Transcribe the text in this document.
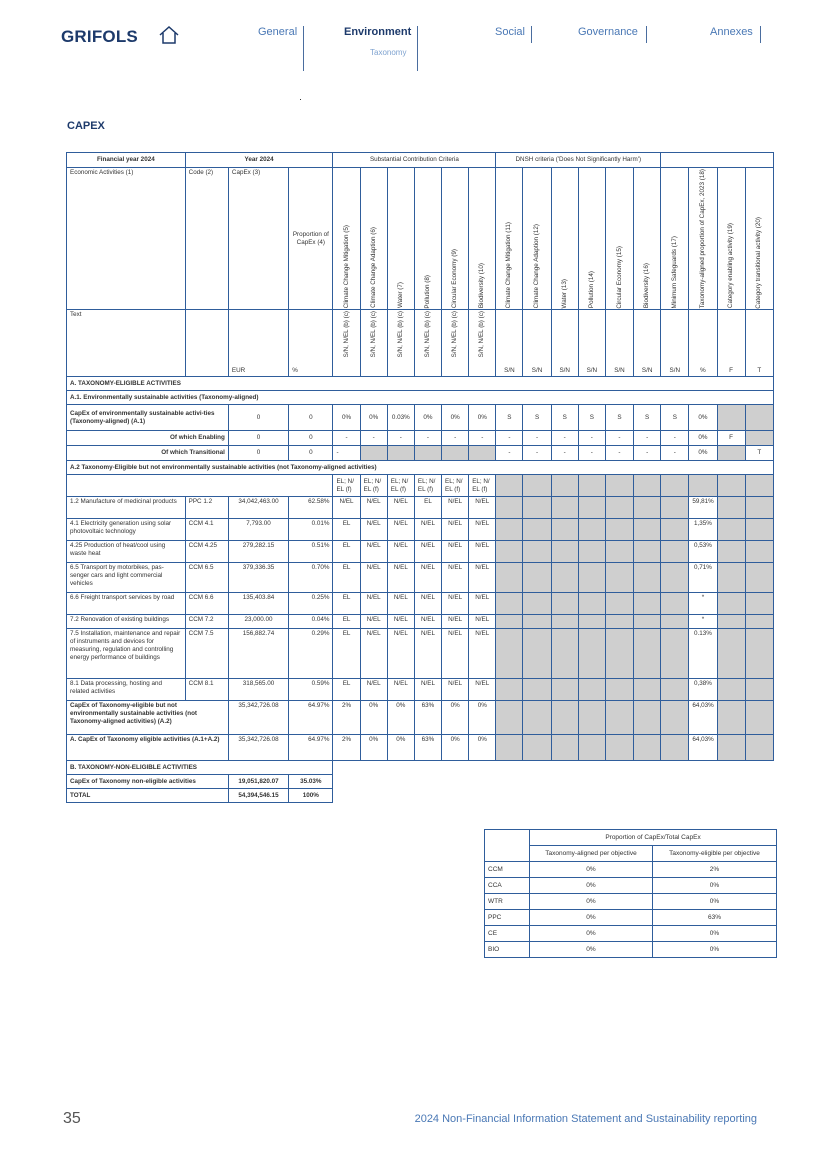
GRIFOLS	General	Environment
Taxonomy
Social	Governance	Annexes
CAPEX
Financial year 2024	Year 2024			Substantial Contribution Criteria						DNSH criteria ('Does Not Significantly Harm')									
Economic Activities (1)	Code (2)	CapEx (3)	Proportion of CapEx (4)	Climate Change Mitigation (5)	Climate Change Adaption (6)	Water (7)	Pollution (8)	Circular Economy (9)	Biodiversity (10)	Climate Change Mitigation (11)	Climate Change Adaption (12)	Water (13)	Pollution (14)	Circular Economy (15)	Biodiversity (16)	Minimum Safeguards (17)	Taxonomy-aligned proportion of CapEx, 2023 (18)	Category enabling activity (19)	Category transitional activity (20)

Text		EUR	%	S/N, N/EL (b) (c)	S/N, N/EL (b) (c)	S/N, N/EL (b) (c)	S/N, N/EL (b) (c)	S/N, N/EL (b) (c)	S/N, N/EL (b) (c)	S/N	S/N	S/N	S/N	S/N	S/N	S/N	%	F	T
A. TAXONOMY-ELIGIBLE ACTIVITIES																			
A.1. Environmentally sustainable activities (Taxonomy-aligned)																			
CapEx of environmentally sustainable activi-ties (Taxonomy-aligned) (A.1)		0	0	0%	0%	0.03%	0%	0%	0%	S	S	S	S	S	S	S	0%		
Of which Enabling		0	0	-	-	-	-	-	-	-	-	-	-	-	-	-	0%	F	
Of which Transitional		0	0	-						-	-	-	-	-	-	-	0%		T
A.2 Taxonomy-Eligible but not environmentally sustainable activities (not Taxonomy-aligned activities)																			
				EL; N/ EL (f)	EL; N/ EL (f)	EL; N/ EL (f)	EL; N/ EL (f)	EL; N/ EL (f)	EL; N/ EL (f)										
1.2 Manufacture of medicinal products	PPC 1.2	34,042,463.00	62.58%	N/EL	N/EL	N/EL	EL	N/EL	N/EL								59,81%		
4.1 Electricity generation using solar photovoltaic technology	CCM 4.1	7,793.00	0.01%	EL	N/EL	N/EL	N/EL	N/EL	N/EL								1,35%		
4.25 Production of heat/cool using waste heat	CCM 4.25	279,282.15	0.51%	EL	N/EL	N/EL	N/EL	N/EL	N/EL								0,53%		
6.5 Transport by motorbikes, pas-senger cars and light commercial vehicles	CCM 6.5	379,336.35	0.70%	EL	N/EL	N/EL	N/EL	N/EL	N/EL								0,71%		
6.6 Freight transport services by road	CCM 6.6	135,403.84	0.25%	EL	N/EL	N/EL	N/EL	N/EL	N/EL								*		
7.2 Renovation of existing buildings	CCM 7.2	23,000.00	0.04%	EL	N/EL	N/EL	N/EL	N/EL	N/EL								*		
7.5 Installation, maintenance and repair of instruments and devices for measuring, regulation and controlling energy performance of buildings	CCM 7.5	156,882.74	0.29%	EL	N/EL	N/EL	N/EL	N/EL	N/EL								0.13%		
8.1 Data processing, hosting and related activities	CCM 8.1	318,565.00	0.59%	EL	N/EL	N/EL	N/EL	N/EL	N/EL								0,38%		
CapEx of Taxonomy-eligible but not environmentally sustainable activities (not Taxonomy-aligned activities) (A.2)		35,342,726.08	64.97%	2%	0%	0%	63%	0%	0%								64,03%		
A. CapEx of Taxonomy eligible activities (A.1+A.2)		35,342,726.08	64.97%	2%	0%	0%	63%	0%	0%								64,03%		
B. TAXONOMY-NON-ELIGIBLE ACTIVITIES																			
CapEx of Taxonomy non-eligible activities		19,051,820.07	35.03%																
TOTAL		54,394,546.15	100%																
	Proportion of CapEx/Total CapEx	
	Taxonomy-aligned per objective	Taxonomy-eligible per objective
CCM	0%	2%
CCA	0%	0%
WTR	0%	0%
PPC	0%	63%
CE	0%	0%
BIO	0%	0%
35	2024 Non-Financial Information Statement and Sustainability reporting
